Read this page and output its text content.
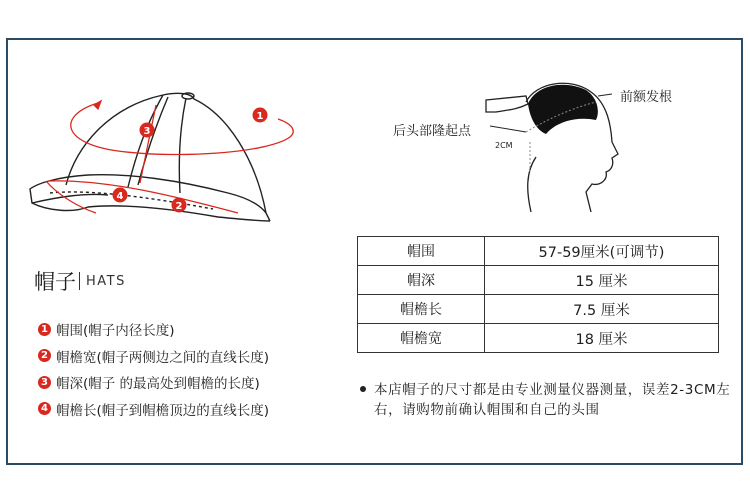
1
2
3
4
前额发根
后头部隆起点
2CM
帽子 HATS
1 帽围(帽子内径长度)
2 帽檐宽(帽子两侧边之间的直线长度)
3 帽深(帽子 的最高处到帽檐的长度)
4 帽檐长(帽子到帽檐顶边的直线长度)
帽围	57-59厘米(可调节)
帽深	15 厘米
帽檐长	7.5 厘米
帽檐宽	18 厘米
本店帽子的尺寸都是由专业测量仪器测量，误差2-3CM左右，请购物前确认帽围和自己的头围
